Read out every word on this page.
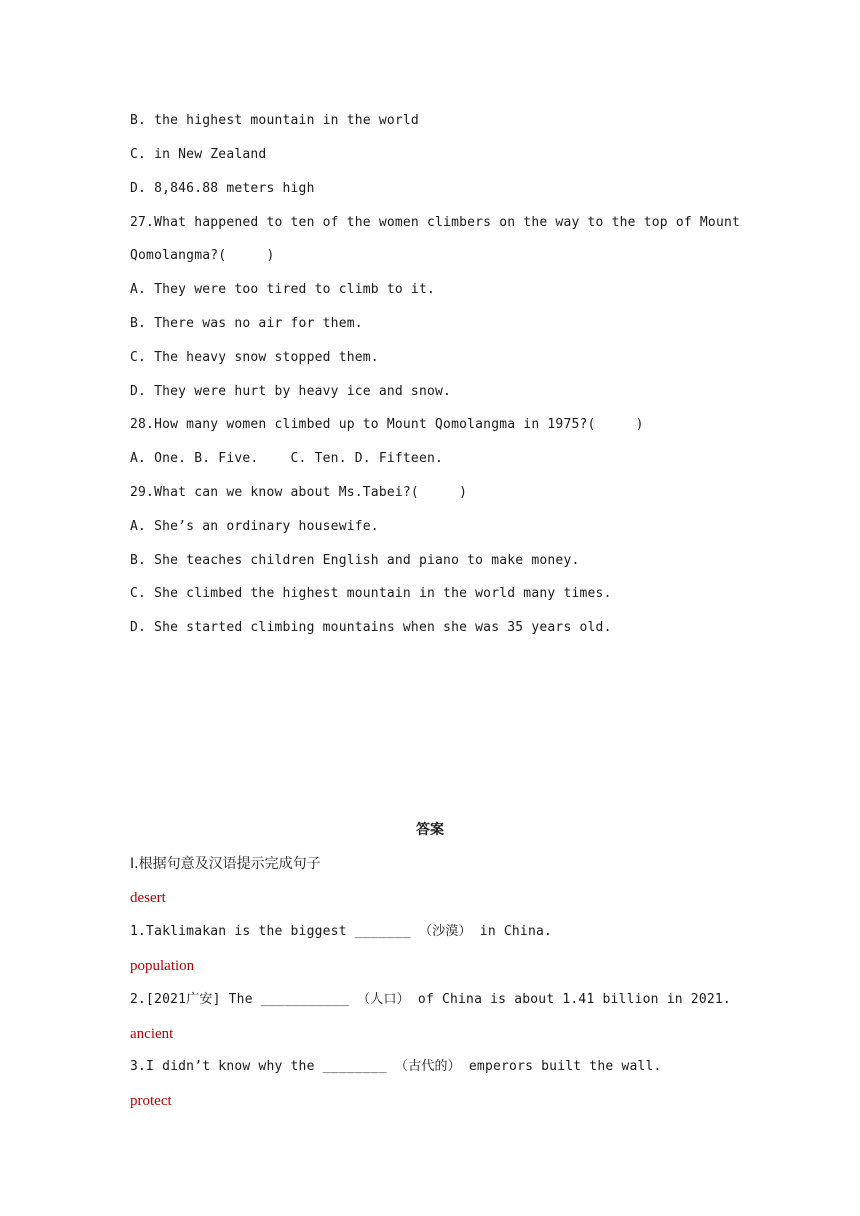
B. the highest mountain in the world
C. in New Zealand
D. 8,846.88 meters high
27.What happened to ten of the women climbers on the way to the top of Mount
Qomolangma?(     )
A. They were too tired to climb to it.
B. There was no air for them.
C. The heavy snow stopped them.
D. They were hurt by heavy ice and snow.
28.How many women climbed up to Mount Qomolangma in 1975?(     )
A. One. B. Five.    C. Ten. D. Fifteen.
29.What can we know about Ms.Tabei?(     )
A. She’s an ordinary housewife.
B. She teaches children English and piano to make money.
C. She climbed the highest mountain in the world many times.
D. She started climbing mountains when she was 35 years old.
答案
Ⅰ.根据句意及汉语提示完成句子
desert
1.Taklimakan is the biggest _______ （沙漠） in China.
population
2.[2021广安] The ___________ （人口） of China is about 1.41 billion in 2021.
ancient
3.I didn’t know why the ________ （古代的） emperors built the wall.
protect
